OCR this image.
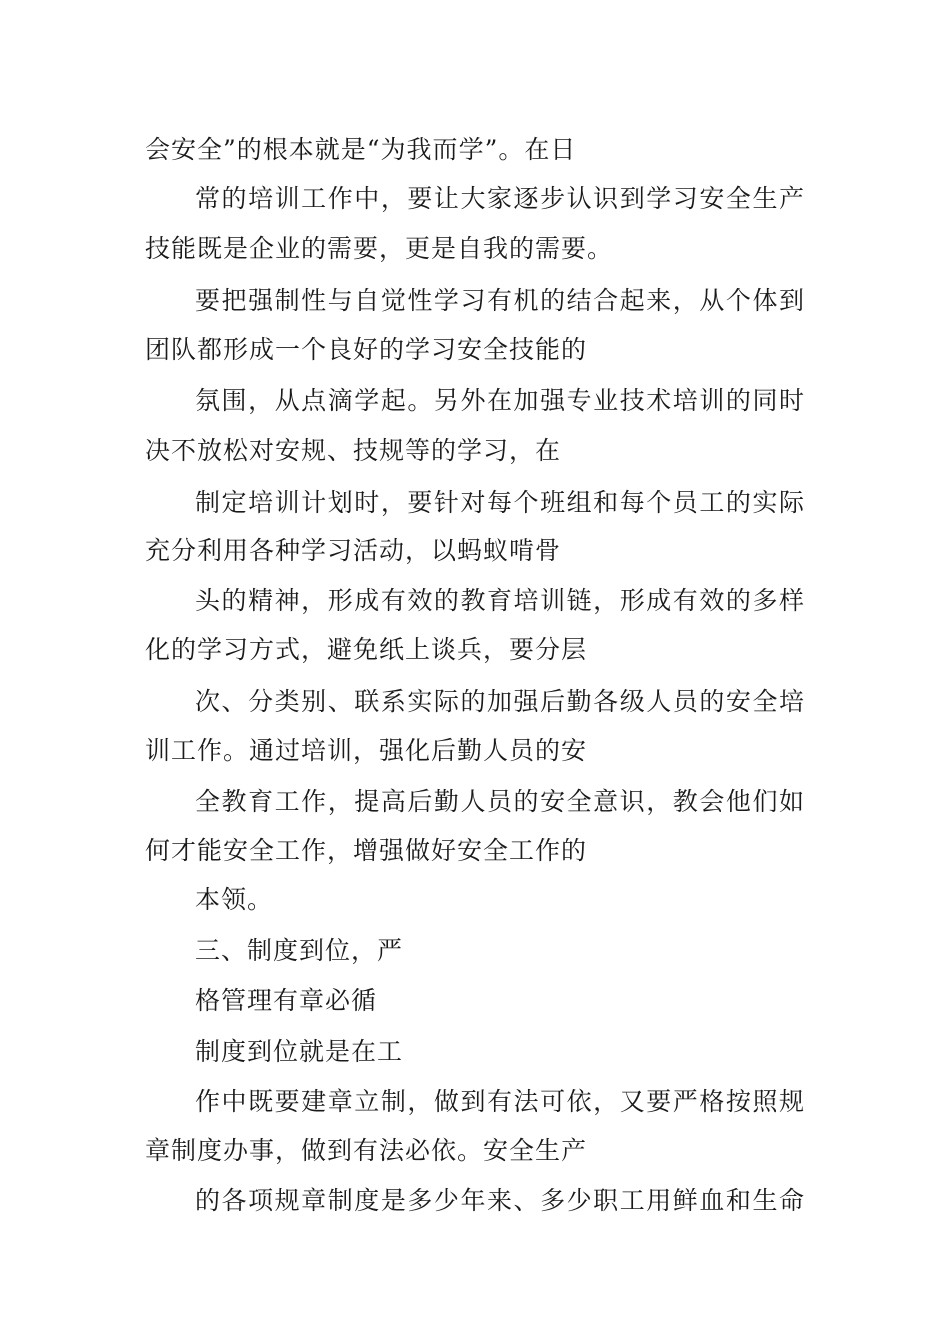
会安全”的根本就是“为我而学”。在日
常的培训工作中，要让大家逐步认识到学习安全生产
技能既是企业的需要，更是自我的需要。
要把强制性与自觉性学习有机的结合起来，从个体到
团队都形成一个良好的学习安全技能的
氛围，从点滴学起。另外在加强专业技术培训的同时
决不放松对安规、技规等的学习，在
制定培训计划时，要针对每个班组和每个员工的实际
充分利用各种学习活动，以蚂蚁啃骨
头的精神，形成有效的教育培训链，形成有效的多样
化的学习方式，避免纸上谈兵，要分层
次、分类别、联系实际的加强后勤各级人员的安全培
训工作。通过培训，强化后勤人员的安
全教育工作，提高后勤人员的安全意识，教会他们如
何才能安全工作，增强做好安全工作的
本领。
三、制度到位，严
格管理有章必循
制度到位就是在工
作中既要建章立制，做到有法可依，又要严格按照规
章制度办事，做到有法必依。安全生产
的各项规章制度是多少年来、多少职工用鲜血和生命
